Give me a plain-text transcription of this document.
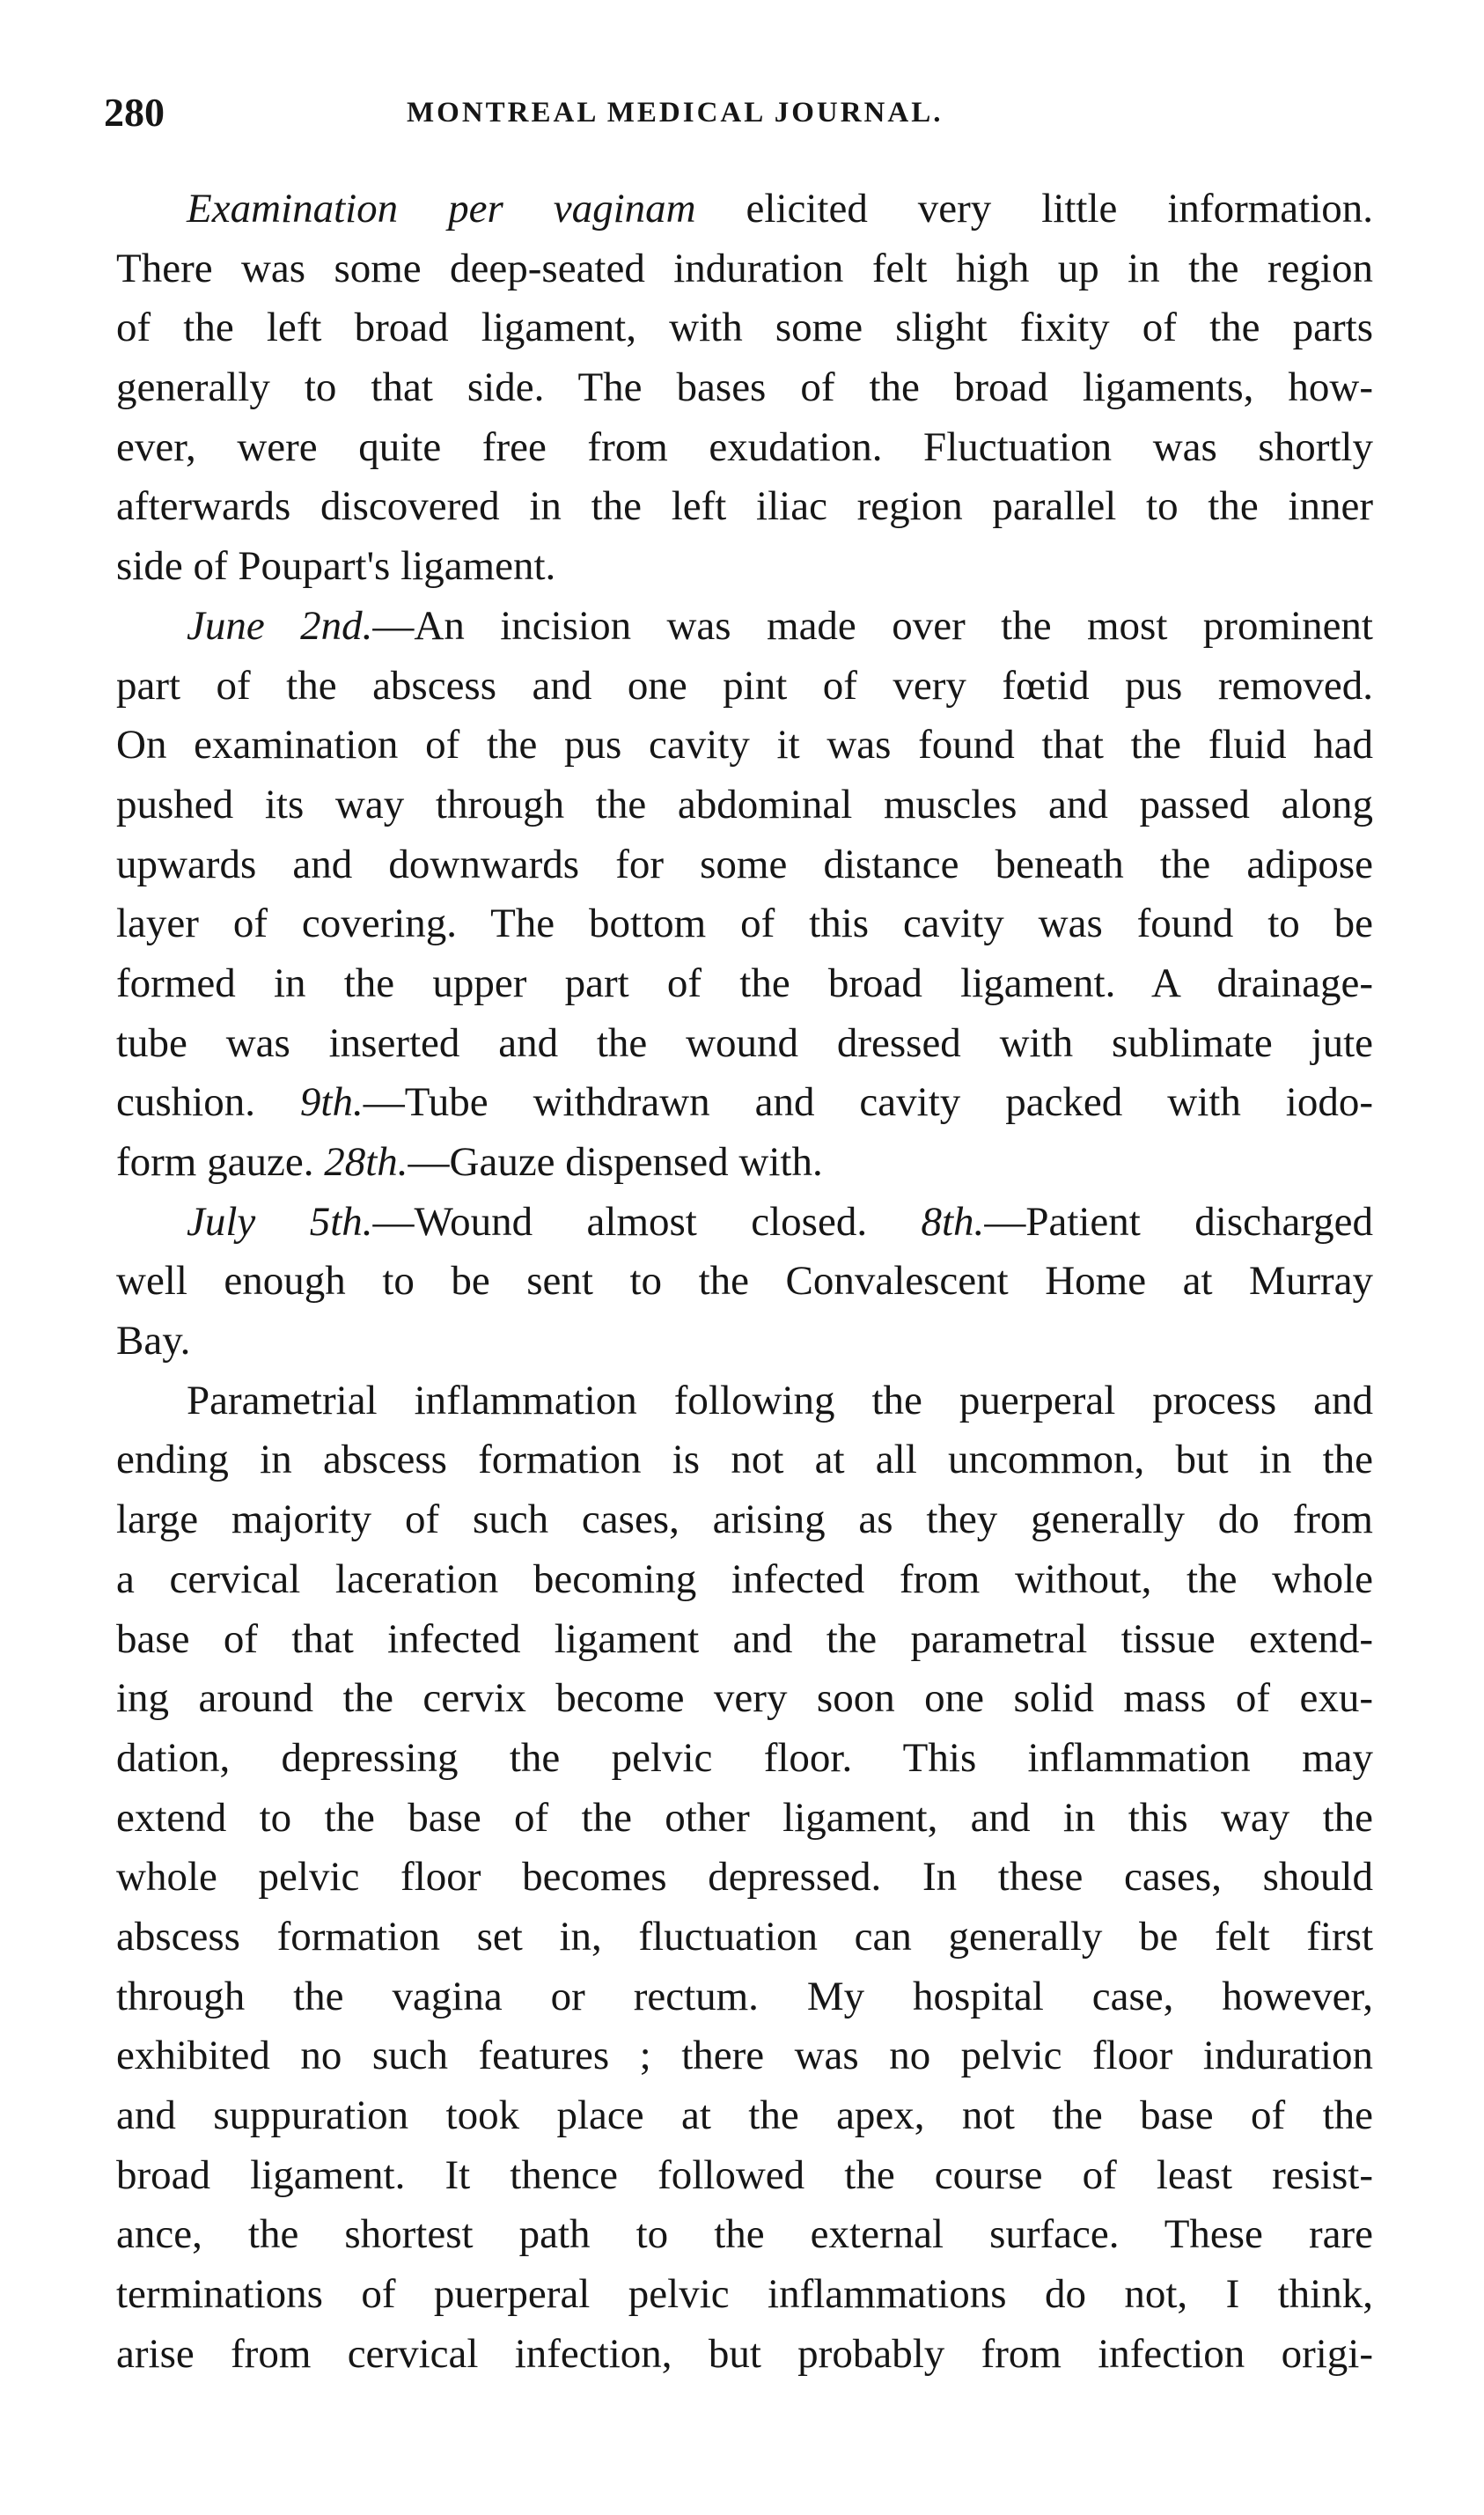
280	MONTREAL MEDICAL JOURNAL.
Examination per vaginam elicited very little information.
There was some deep-seated induration felt high up in the region
of the left broad ligament, with some slight fixity of the parts
generally to that side. The bases of the broad ligaments, how-
ever, were quite free from exudation. Fluctuation was shortly
afterwards discovered in the left iliac region parallel to the inner
side of Poupart's ligament.
June 2nd.—An incision was made over the most prominent
part of the abscess and one pint of very fœtid pus removed.
On examination of the pus cavity it was found that the fluid had
pushed its way through the abdominal muscles and passed along
upwards and downwards for some distance beneath the adipose
layer of covering. The bottom of this cavity was found to be
formed in the upper part of the broad ligament. A drainage-
tube was inserted and the wound dressed with sublimate jute
cushion. 9th.—Tube withdrawn and cavity packed with iodo-
form gauze. 28th.—Gauze dispensed with.
July 5th.—Wound almost closed. 8th.—Patient discharged
well enough to be sent to the Convalescent Home at Murray
Bay.
Parametrial inflammation following the puerperal process and
ending in abscess formation is not at all uncommon, but in the
large majority of such cases, arising as they generally do from
a cervical laceration becoming infected from without, the whole
base of that infected ligament and the parametral tissue extend-
ing around the cervix become very soon one solid mass of exu-
dation, depressing the pelvic floor. This inflammation may
extend to the base of the other ligament, and in this way the
whole pelvic floor becomes depressed. In these cases, should
abscess formation set in, fluctuation can generally be felt first
through the vagina or rectum. My hospital case, however,
exhibited no such features ; there was no pelvic floor induration
and suppuration took place at the apex, not the base of the
broad ligament. It thence followed the course of least resist-
ance, the shortest path to the external surface. These rare
terminations of puerperal pelvic inflammations do not, I think,
arise from cervical infection, but probably from infection origi-
